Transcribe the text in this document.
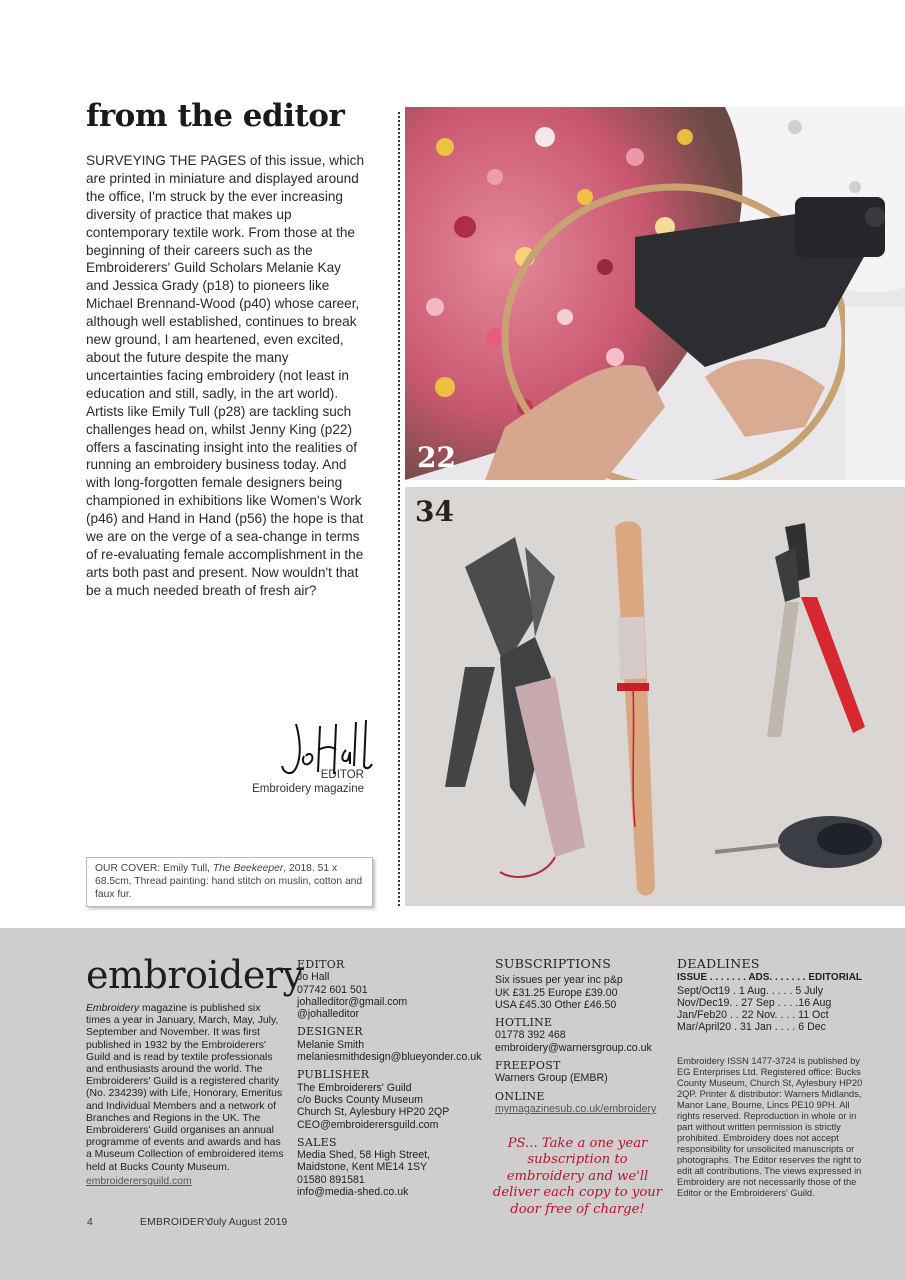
from the editor

SURVEYING THE PAGES of this issue, which are printed in miniature and displayed around the office, I'm struck by the ever increasing diversity of practice that makes up contemporary textile work. From those at the beginning of their careers such as the Embroiderers' Guild Scholars Melanie Kay and Jessica Grady (p18) to pioneers like Michael Brennand-Wood (p40) whose career, although well established, continues to break new ground, I am heartened, even excited, about the future despite the many uncertainties facing embroidery (not least in education and still, sadly, in the art world). Artists like Emily Tull (p28) are tackling such challenges head on, whilst Jenny King (p22) offers a fascinating insight into the realities of running an embroidery business today. And with long-forgotten female designers being championed in exhibitions like Women's Work (p46) and Hand in Hand (p56) the hope is that we are on the verge of a sea-change in terms of re-evaluating female accomplishment in the arts both past and present. Now wouldn't that be a much needed breath of fresh air?

EDITOR
Embroidery magazine
OUR COVER: Emily Tull, The Beekeeper, 2018. 51 x 68.5cm. Thread painting: hand stitch on muslin, cotton and faux fur.
22
34
embroidery
Embroidery magazine is published six times a year in January, March, May, July, September and November. It was first published in 1932 by the Embroiderers' Guild and is read by textile professionals and enthusiasts around the world. The Embroiderers' Guild is a registered charity (No. 234239) with Life, Honorary, Emeritus and Individual Members and a network of Branches and Regions in the UK. The Embroiderers' Guild organises an annual programme of events and awards and has a Museum Collection of embroidered items held at Bucks County Museum.
embroiderersguild.com
EDITOR
Jo Hall
07742 601 501
johalleditor@gmail.com
@johalleditor
DESIGNER
Melanie Smith
melaniesmithdesign@blueyonder.co.uk
PUBLISHER
The Embroiderers' Guild
c/o Bucks County Museum
Church St, Aylesbury HP20 2QP
CEO@embroiderersguild.com
SALES
Media Shed, 58 High Street,
Maidstone, Kent ME14 1SY
01580 891581
info@media-shed.co.uk
SUBSCRIPTIONS
Six issues per year inc p&p
UK £31.25 Europe £39.00
USA £45.30 Other £46.50
HOTLINE
01778 392 468
embroidery@warnersgroup.co.uk
FREEPOST
Warners Group (EMBR)
ONLINE
mymagazinesub.co.uk/embroidery
PS... Take a one year subscription to embroidery and we'll deliver each copy to your door free of charge!
DEADLINES
ISSUE . . . . . . . ADS. . . . . . . EDITORIAL
Sept/Oct19 . 1 Aug. . . . . 5 July
Nov/Dec19. . 27 Sep . . . .16 Aug
Jan/Feb20 . . 22 Nov. . . . 11 Oct
Mar/April20 . 31 Jan . . . . 6 Dec
Embroidery ISSN 1477-3724 is published by EG Enterprises Ltd. Registered office: Bucks County Museum, Church St, Aylesbury HP20 2QP. Printer & distributor: Warners Midlands, Manor Lane, Bourne, Lincs PE10 9PH. All rights reserved. Reproduction in whole or in part without written permission is strictly prohibited. Embroidery does not accept responsibility for unsolicited manuscripts or photographs. The Editor reserves the right to edit all contributions. The views expressed in Embroidery are not necessarily those of the Editor or the Embroiderers' Guild.
4	EMBROIDERY
July August 2019
